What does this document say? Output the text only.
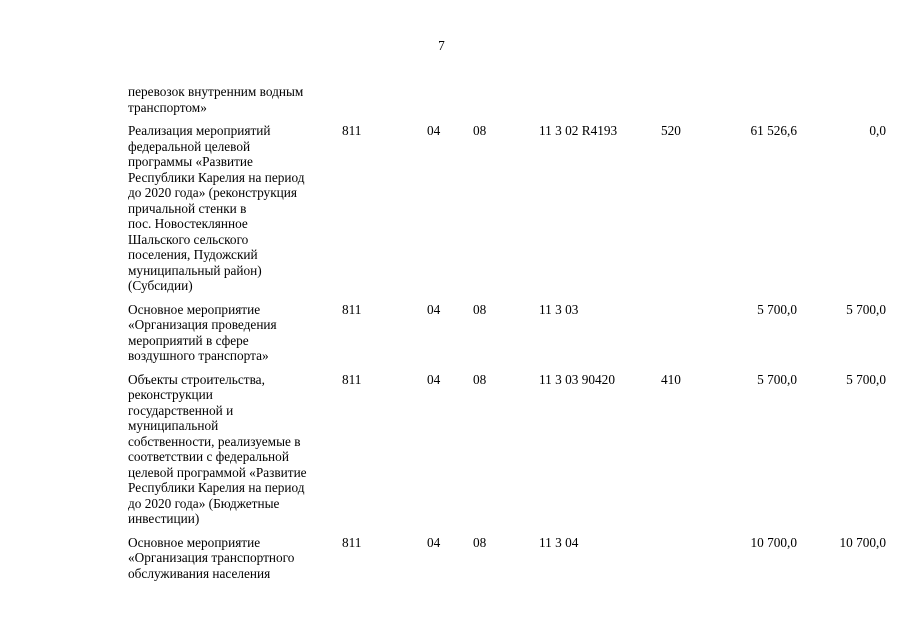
7
перевозок внутренним водным
транспортом»
Реализация мероприятий
федеральной целевой
программы «Развитие
Республики Карелия на период
до 2020 года» (реконструкция
причальной стенки в
пос. Новостеклянное
Шальского сельского
поселения, Пудожский
муниципальный район)
(Субсидии)
811	04 08	11 3 02 R4193	520	61 526,6	0,0
Основное мероприятие
«Организация проведения
мероприятий в сфере
воздушного транспорта»
811	04 08	11 3 03	5 700,0	5 700,0
Объекты строительства,
реконструкции
государственной и
муниципальной
собственности, реализуемые в
соответствии с федеральной
целевой программой «Развитие
Республики Карелия на период
до 2020 года» (Бюджетные
инвестиции)
811	04 08	11 3 03 90420	410	5 700,0	5 700,0
Основное мероприятие
«Организация транспортного
обслуживания населения
811	04 08	11 3 04	10 700,0	10 700,0
